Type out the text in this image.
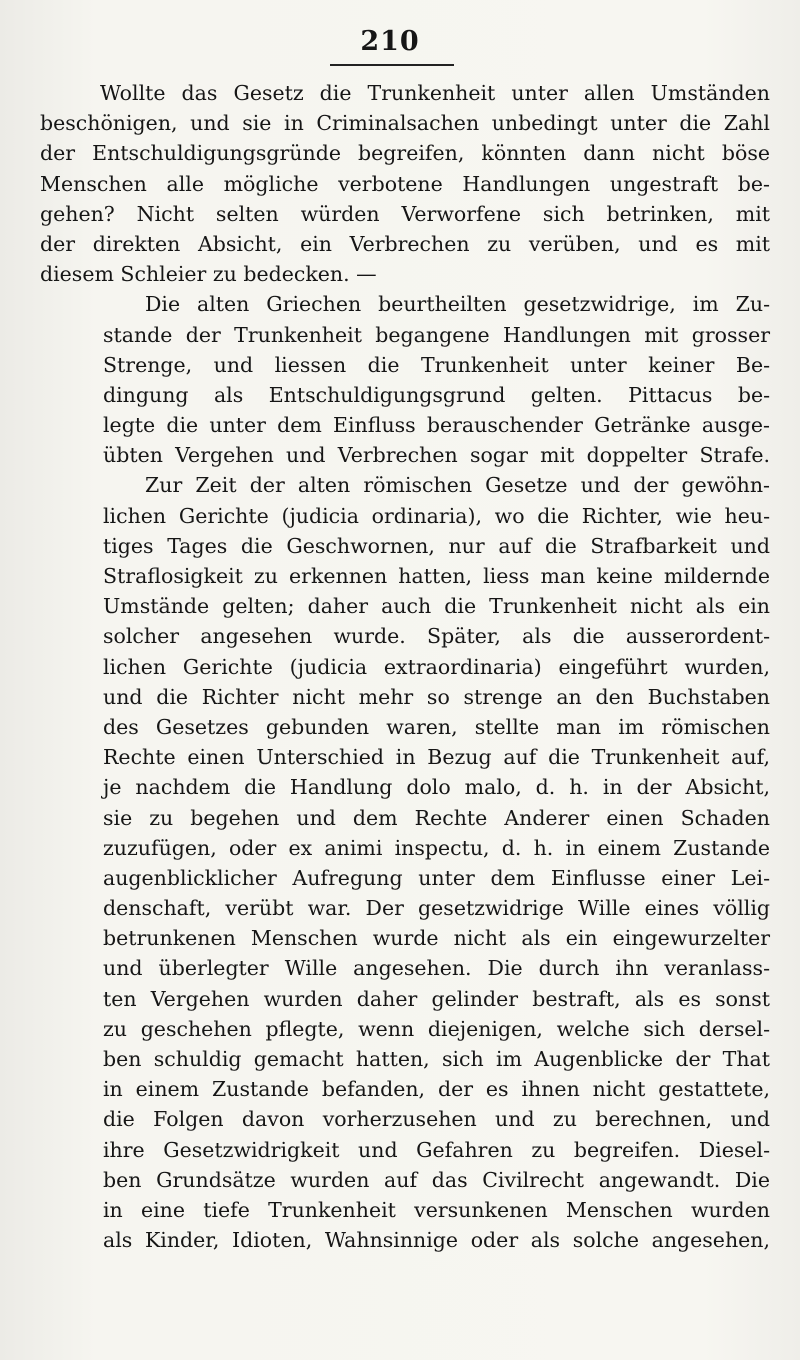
210
Wollte das Gesetz die Trunkenheit unter allen Umständen
beschönigen, und sie in Criminalsachen unbedingt unter die Zahl
der Entschuldigungsgründe begreifen, könnten dann nicht böse
Menschen alle mögliche verbotene Handlungen ungestraft be-
gehen? Nicht selten würden Verworfene sich betrinken, mit
der direkten Absicht, ein Verbrechen zu verüben, und es mit
diesem Schleier zu bedecken. —
Die alten Griechen beurtheilten gesetzwidrige, im Zu-
stande der Trunkenheit begangene Handlungen mit grosser
Strenge, und liessen die Trunkenheit unter keiner Be-
dingung als Entschuldigungsgrund gelten. Pittacus be-
legte die unter dem Einfluss berauschender Getränke ausge-
übten Vergehen und Verbrechen sogar mit doppelter Strafe.
Zur Zeit der alten römischen Gesetze und der gewöhn-
lichen Gerichte (judicia ordinaria), wo die Richter, wie heu-
tiges Tages die Geschwornen, nur auf die Strafbarkeit und
Straflosigkeit zu erkennen hatten, liess man keine mildernde
Umstände gelten; daher auch die Trunkenheit nicht als ein
solcher angesehen wurde. Später, als die ausserordent-
lichen Gerichte (judicia extraordinaria) eingeführt wurden,
und die Richter nicht mehr so strenge an den Buchstaben
des Gesetzes gebunden waren, stellte man im römischen
Rechte einen Unterschied in Bezug auf die Trunkenheit auf,
je nachdem die Handlung dolo malo, d. h. in der Absicht,
sie zu begehen und dem Rechte Anderer einen Schaden
zuzufügen, oder ex animi inspectu, d. h. in einem Zustande
augenblicklicher Aufregung unter dem Einflusse einer Lei-
denschaft, verübt war. Der gesetzwidrige Wille eines völlig
betrunkenen Menschen wurde nicht als ein eingewurzelter
und überlegter Wille angesehen. Die durch ihn veranlass-
ten Vergehen wurden daher gelinder bestraft, als es sonst
zu geschehen pflegte, wenn diejenigen, welche sich dersel-
ben schuldig gemacht hatten, sich im Augenblicke der That
in einem Zustande befanden, der es ihnen nicht gestattete,
die Folgen davon vorherzusehen und zu berechnen, und
ihre Gesetzwidrigkeit und Gefahren zu begreifen. Diesel-
ben Grundsätze wurden auf das Civilrecht angewandt. Die
in eine tiefe Trunkenheit versunkenen Menschen wurden
als Kinder, Idioten, Wahnsinnige oder als solche angesehen,
